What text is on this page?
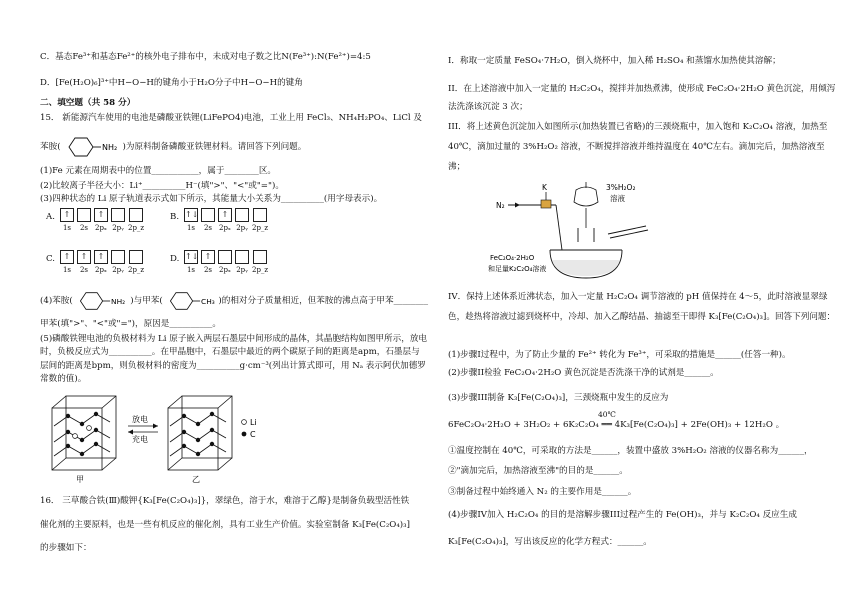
C．基态Fe³⁺和基态Fe²⁺的核外电子排布中，未成对电子数之比N(Fe³⁺):N(Fe²⁺)=4:5
D．[Fe(H₂O)₆]³⁺中H−O−H的键角小于H₂O分子中H−O−H的键角
二、填空题（共 58 分）
15． 新能源汽车使用的电池是磷酸亚铁锂(LiFePO4)电池，工业上用 FeCl₃、NH₄H₂PO₄、LiCl 及
苯胺(	NH₂ )为原料制备磷酸亚铁锂材料。请回答下列问题。
(1)Fe 元素在周期表中的位置___________，属于________区。
(2)比较离子半径大小：Li⁺__________H⁻(填">"、"<"或"=")。
(3)四种状态的 Li 原子轨道表示式如下所示，其能量大小关系为__________(用字母表示)。
A.	↑
1s 2s
↑
2pₓ 2pᵧ 2p_z
B. ↑↓
1s 2s
↑
2pₓ 2pᵧ 2p_z
C.	↑
1s
↑
2s
↑
2pₓ 2pᵧ 2p_z
D. ↑↓
1s
↑
2s 2pₓ 2pᵧ 2p_z
(4)苯胺(	NH₂ )与甲苯(	CH₃ )的相对分子质量相近，但苯胺的沸点高于甲苯________
甲苯(填">"、"<"或"=")，原因是__________。
(5)磷酸铁锂电池的负极材料为 Li 原子嵌入两层石墨层中间形成的晶体，其晶胞结构如图甲所示，放电时，负极反应式为__________。在甲晶胞中，石墨层中最近的两个碳原子间的距离是apm，石墨层与层间的距离是bpm，则负极材料的密度为__________g·cm⁻³(列出计算式即可，用 Nₐ 表示阿伏加德罗常数的值)。
甲
放电
充电
乙
Li
C
16． 三草酸合铁(Ⅲ)酸钾{K₃[Fe(C₂O₄)₃]}，翠绿色，溶于水，难溶于乙醇}是制备负载型活性铁
催化剂的主要原料，也是一些有机反应的催化剂，具有工业生产价值。实验室制备 K₃[Fe(C₂O₄)₃]
的步骤如下：
I．称取一定质量 FeSO₄·7H₂O，倒入烧杯中，加入稀 H₂SO₄ 和蒸馏水加热使其溶解；
II．在上述溶液中加入一定量的 H₂C₂O₄，搅拌并加热煮沸，使形成 FeC₂O₄·2H₂O 黄色沉淀，用倾泻法洗涤该沉淀 3 次；
III．将上述黄色沉淀加入如图所示(加热装置已省略)的三颈烧瓶中，加入饱和 K₂C₂O₄ 溶液，加热至 40℃，滴加过量的 3%H₂O₂ 溶液，不断搅拌溶液并维持温度在 40℃左右。滴加完后，加热溶液至沸；
K
N₂
3%H₂O₂
溶液
FeC₂O₄·2H₂O
和足量K₂C₂O₄溶液
IV．保持上述体系近沸状态，加入一定量 H₂C₂O₄ 调节溶液的 pH 值保持在 4～5，此时溶液显翠绿色，趁热将溶液过滤到烧杯中，冷却、加入乙醇结晶、抽滤至干即得 K₃[Fe(C₂O₄)₃]。回答下列问题：
(1)步骤I过程中，为了防止少量的 Fe²⁺ 转化为 Fe³⁺，可采取的措施是______(任答一种)。
(2)步骤II检验 FeC₂O₄·2H₂O 黄色沉淀是否洗涤干净的试剂是______。
(3)步骤III制备 K₃[Fe(C₂O₄)₃]，三颈烧瓶中发生的反应为
40℃
6FeC₂O₄·2H₂O + 3H₂O₂ + 6K₂C₂O₄ ══ 4K₃[Fe(C₂O₄)₃] + 2Fe(OH)₃ + 12H₂O 。
①温度控制在 40℃，可采取的方法是______，装置中盛放 3%H₂O₂ 溶液的仪器名称为______，
②"滴加完后，加热溶液至沸"的目的是______。
③制备过程中始终通入 N₂ 的主要作用是______。
(4)步骤IV加入 H₂C₂O₄ 的目的是溶解步骤III过程产生的 Fe(OH)₃，并与 K₂C₂O₄ 反应生成
K₃[Fe(C₂O₄)₃]，写出该反应的化学方程式：______。
